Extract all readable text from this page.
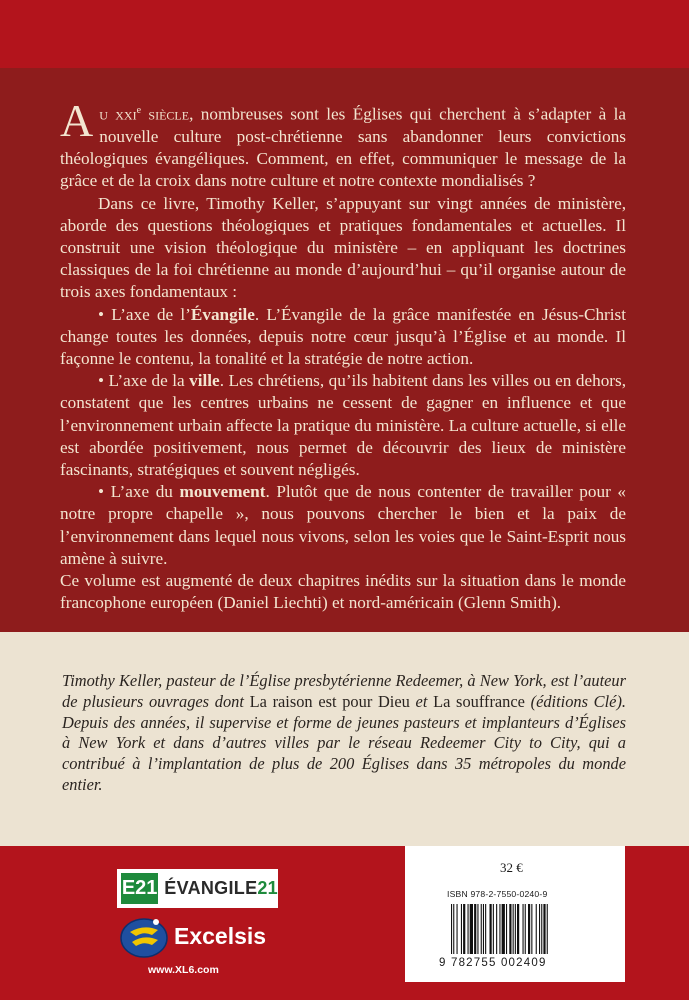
Au xxi$^e$ siècle, nombreuses sont les Églises qui cherchent à s’adapter à la nouvelle culture post-chrétienne sans abandonner leurs convictions théologiques évangéliques. Comment, en effet, communiquer le message de la grâce et de la croix dans notre culture et notre contexte mondialisés ?

Dans ce livre, Timothy Keller, s’appuyant sur vingt années de ministère, aborde des questions théologiques et pratiques fondamentales et actuelles. Il construit une vision théologique du ministère – en appliquant les doctrines classiques de la foi chrétienne au monde d’aujourd’hui – qu’il organise autour de trois axes fondamentaux :

• L’axe de l’Évangile. L’Évangile de la grâce manifestée en Jésus-Christ change toutes les données, depuis notre cœur jusqu’à l’Église et au monde. Il façonne le contenu, la tonalité et la stratégie de notre action.

• L’axe de la ville. Les chrétiens, qu’ils habitent dans les villes ou en dehors, constatent que les centres urbains ne cessent de gagner en influence et que l’environnement urbain affecte la pratique du ministère. La culture actuelle, si elle est abordée positivement, nous permet de découvrir des lieux de ministère fascinants, stratégiques et souvent négligés.

• L’axe du mouvement. Plutôt que de nous contenter de travailler pour « notre propre chapelle », nous pouvons chercher le bien et la paix de l’environnement dans lequel nous vivons, selon les voies que le Saint-Esprit nous amène à suivre.

Ce volume est augmenté de deux chapitres inédits sur la situation dans le monde francophone européen (Daniel Liechti) et nord-américain (Glenn Smith).

Timothy Keller, pasteur de l’Église presbytérienne Redeemer, à New York, est l’auteur de plusieurs ouvrages dont La raison est pour Dieu et La souffrance (éditions Clé). Depuis des années, il supervise et forme de jeunes pasteurs et implanteurs d’Églises à New York et dans d’autres villes par le réseau Redeemer City to City, qui a contribué à l’implantation de plus de 200 Églises dans 35 métropoles du monde entier.
E21 ÉVANGILE21
Excelsis
www.XL6.com
32 €
ISBN 978-2-7550-0240-9
9 782755 002409
